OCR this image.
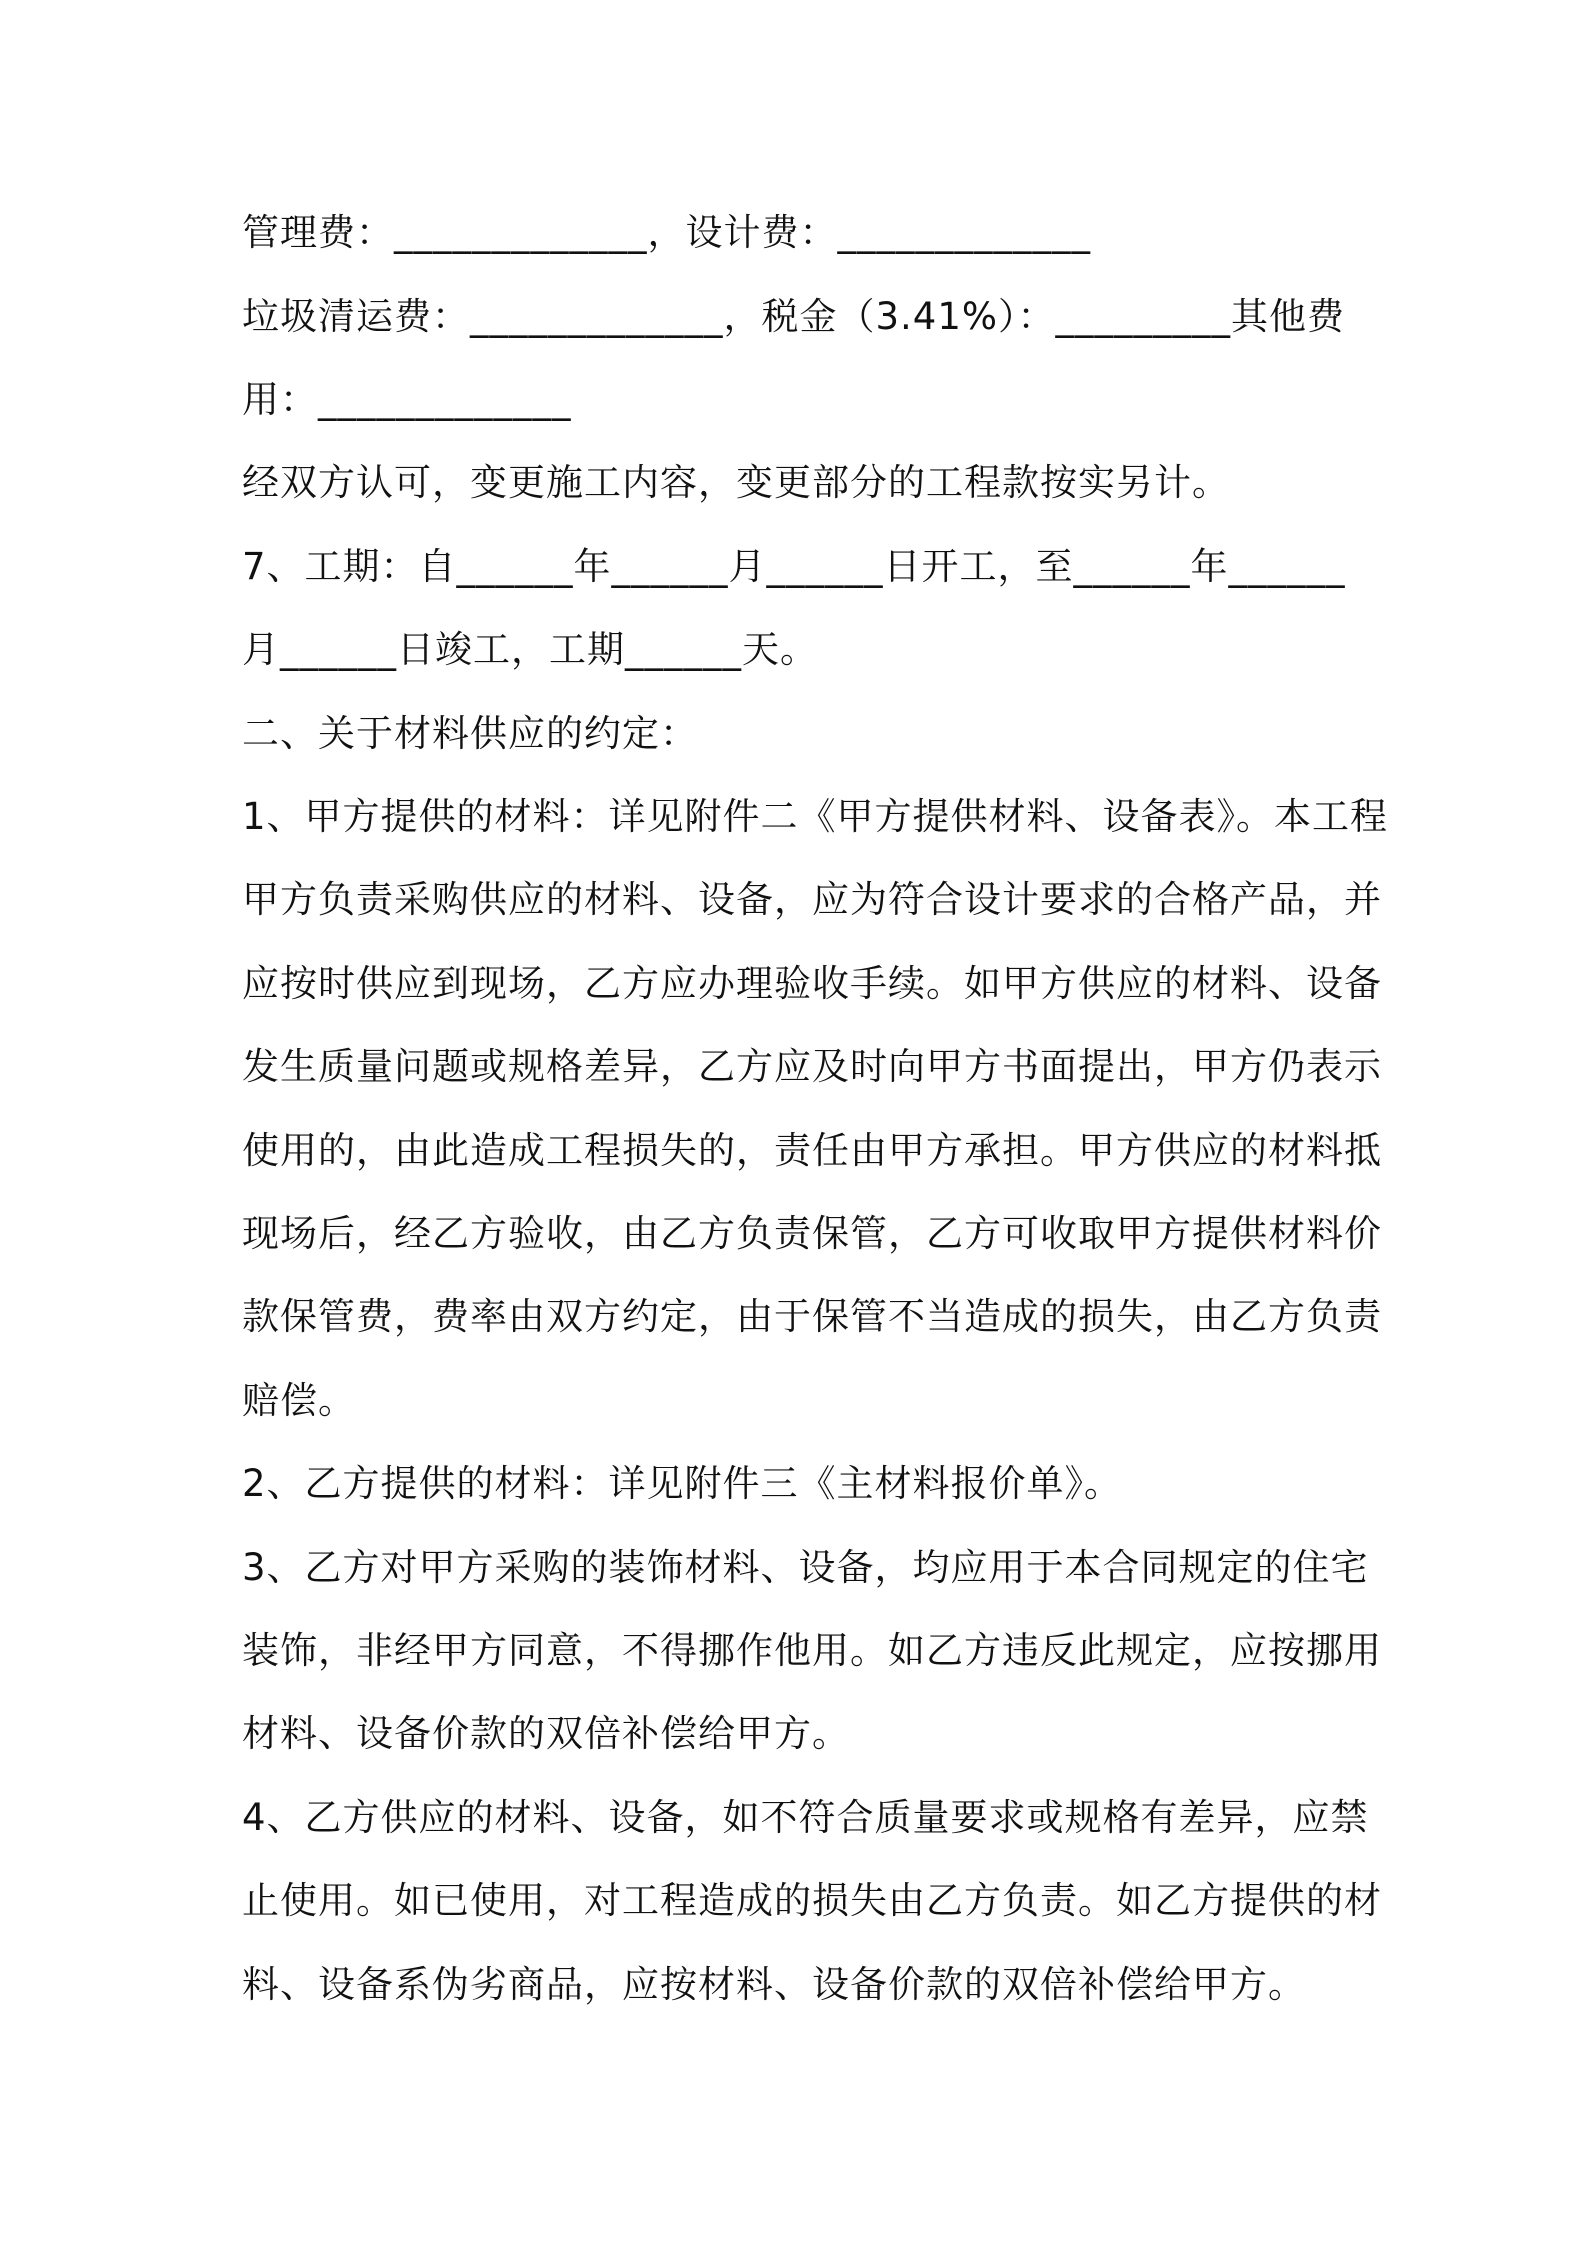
管理费：_____________，设计费：_____________
垃圾清运费：_____________，税金（3.41%）：_________其他费
用：_____________
经双方认可，变更施工内容，变更部分的工程款按实另计。
7、工期：自______年______月______日开工，至______年______
月______日竣工，工期______天。
二、关于材料供应的约定：
1、甲方提供的材料：详见附件二《甲方提供材料、设备表》。本工程
甲方负责采购供应的材料、设备，应为符合设计要求的合格产品，并
应按时供应到现场，乙方应办理验收手续。如甲方供应的材料、设备
发生质量问题或规格差异，乙方应及时向甲方书面提出，甲方仍表示
使用的，由此造成工程损失的，责任由甲方承担。甲方供应的材料抵
现场后，经乙方验收，由乙方负责保管，乙方可收取甲方提供材料价
款保管费，费率由双方约定，由于保管不当造成的损失，由乙方负责
赔偿。
2、乙方提供的材料：详见附件三《主材料报价单》。
3、乙方对甲方采购的装饰材料、设备，均应用于本合同规定的住宅
装饰，非经甲方同意，不得挪作他用。如乙方违反此规定，应按挪用
材料、设备价款的双倍补偿给甲方。
4、乙方供应的材料、设备，如不符合质量要求或规格有差异，应禁
止使用。如已使用，对工程造成的损失由乙方负责。如乙方提供的材
料、设备系伪劣商品，应按材料、设备价款的双倍补偿给甲方。
